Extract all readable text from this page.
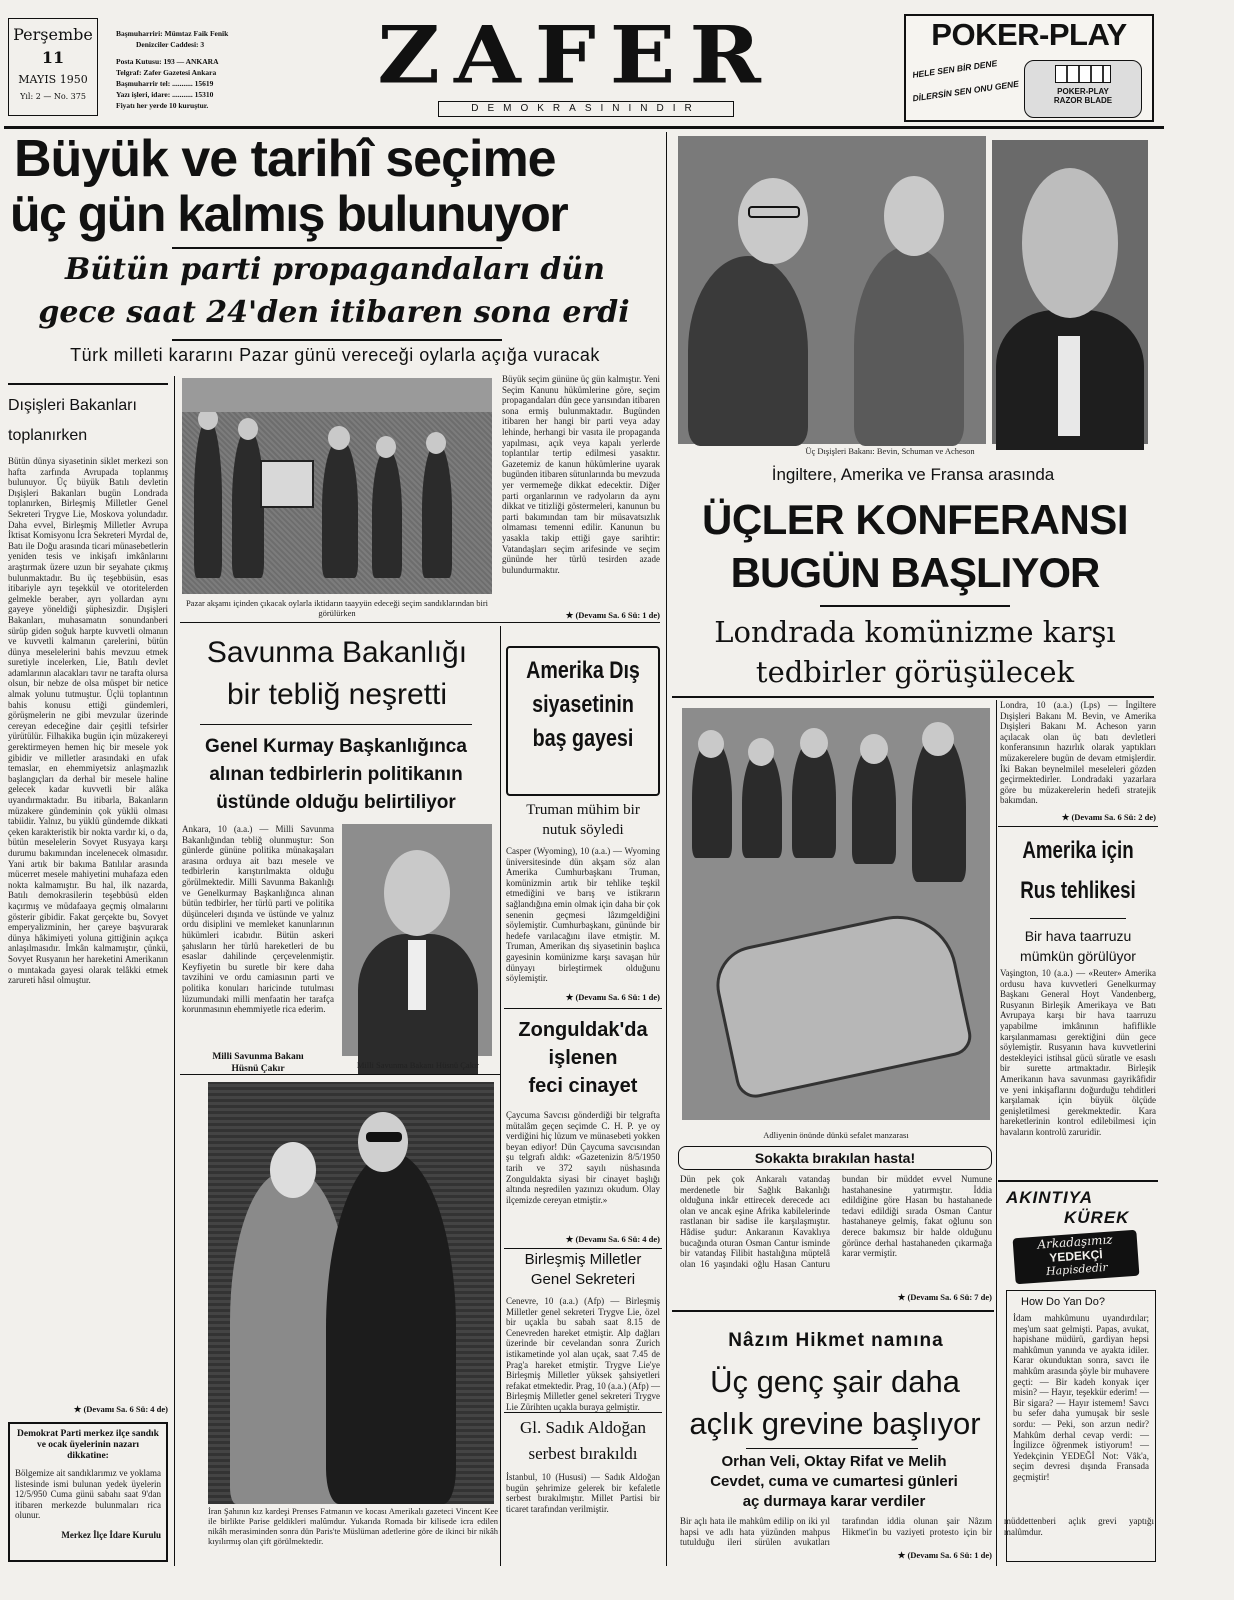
Perşembe
11
MAYIS 1950
Yıl: 2 — No. 375
Başmuharriri: Mümtaz Faik Fenik
Denizciler Caddesi: 3
Posta Kutusu: 193 — ANKARA
Telgraf: Zafer Gazetesi Ankara
Başmuharrir tel: ........... 15619
Yazı işleri, idare: ........... 15310
Fiyatı her yerde 10 kuruştur.
ZAFER
DEMOKRASININDIR
POKER-PLAY
HELE SEN BİR DENE
DİLERSİN SEN ONU GENE	POKER-PLAY RAZOR BLADE
Büyük ve tarihî seçime
üç gün kalmış bulunuyor
Bütün parti propagandaları dün
gece saat 24'den itibaren sona erdi
Türk milleti kararını Pazar günü vereceği oylarla açığa vuracak
Dışişleri Bakanları
toplanırken
Bütün dünya siyasetinin siklet merkezi son hafta zarfında Avrupada toplanmış bulunuyor. Üç büyük Batılı devletin Dışişleri Bakanları bugün Londrada toplanırken, Birleşmiş Milletler Genel Sekreteri Trygve Lie, Moskova yolundadır. Daha evvel, Birleşmiş Milletler Avrupa İktisat Komisyonu İcra Sekreteri Myrdal de, Batı ile Doğu arasında ticari münasebetlerin yeniden tesis ve inkişafı imkânlarını araştırmak üzere uzun bir seyahate çıkmış bulunmaktadır. Bu üç teşebbüsün, esas itibariyle ayrı teşekkül ve otoritelerden gelmekle beraber, ayrı yollardan aynı gayeye yöneldiği şüphesizdir. Dışişleri Bakanları, muhasamatın sonundanberi sürüp giden soğuk harpte kuvvetli olmanın ve kuvvetli kalmanın çarelerini, bütün dünya meselelerini bahis mevzuu etmek suretiyle incelerken, Lie, Batılı devlet adamlarının alacakları tavır ne tarafta olursa olsun, bir nebze de olsa müspet bir netice almak yolunu tutmuştur. Üçlü toplantının bahis konusu ettiği gündemleri, görüşmelerin ne gibi mevzular üzerinde cereyan edeceğine dair çeşitli tefsirler yürütülür. Filhakika bugün için müzakereyi gerektirmeyen hemen hiç bir mesele yok gibidir ve milletler arasındaki en ufak temaslar, en ehemmiyetsiz anlaşmazlık başlangıçları da derhal bir mesele haline gelecek kadar kuvvetli bir alâka uyandırmaktadır. Bu itibarla, Bakanların müzakere gündeminin çok yüklü olması tabiidir. Yalnız, bu yüklü gündemde dikkati çeken karakteristik bir nokta vardır ki, o da, bütün meselelerin Sovyet Rusyaya karşı durumu bakımından incelenecek olmasıdır. Yani artık bir bakıma Batılılar arasında mücerret mesele mahiyetini muhafaza eden nokta kalmamıştır. Bu hal, ilk nazarda, Batılı demokrasilerin teşebbüsü elden kaçırmış ve müdafaaya geçmiş olmalarını gösterir gibidir. Fakat gerçekte bu, Sovyet emperyalizminin, her çareye başvurarak dünya hâkimiyeti yoluna gittiğinin açıkça anlaşılmasıdır. İmkân kalmamıştır, çünkü, Sovyet Rusyanın her hareketini Amerikanın o mıntakada gayesi olarak telâkki etmek zarureti hâsıl olmuştur.
★ (Devamı Sa. 6 Sü: 4 de)
Demokrat Parti merkez ilçe sandık ve ocak üyelerinin nazarı dikkatine:
Bölgemize ait sandıklarımız ve yoklama listesinde ismi bulunan yedek üyelerin 12/5/950 Cuma günü sabahı saat 9'dan itibaren merkezde bulunmaları rica olunur.
Merkez İlçe İdare Kurulu
Pazar akşamı içinden çıkacak oylarla iktidarın taayyün edeceği seçim sandıklarından biri görülürken
Büyük seçim gününe üç gün kalmıştır. Yeni Seçim Kanunu hükümlerine göre, seçim propagandaları dün gece yarısından itibaren sona ermiş bulunmaktadır. Bugünden itibaren her hangi bir parti veya aday lehinde, herhangi bir vasıta ile propaganda yapılması, açık veya kapalı yerlerde toplantılar tertip edilmesi yasaktır. Gazetemiz de kanun hükümlerine uyarak bugünden itibaren sütunlarında bu mevzuda yer vermemeğe dikkat edecektir. Diğer parti organlarının ve radyoların da aynı dikkat ve titizliği göstermeleri, kanunun bu parti bakımından tam bir müsavatsızlık olmaması temenni edilir. Kanunun bu yasakla takip ettiği gaye sarihtir: Vatandaşları seçim arifesinde ve seçim gününde her türlü tesirden azade bulundurmaktır.
★ (Devamı Sa. 6 Sü: 1 de)
Savunma Bakanlığı
bir tebliğ neşretti
Genel Kurmay Başkanlığınca
alınan tedbirlerin politikanın
üstünde olduğu belirtiliyor
Ankara, 10 (a.a.) — Milli Savunma Bakanlığından tebliğ olunmuştur: Son günlerde gününe politika münakaşaları arasına orduya ait bazı mesele ve tedbirlerin karıştırılmakta olduğu görülmektedir. Milli Savunma Bakanlığı ve Genelkurmay Başkanlığınca alınan bütün tedbirler, her türlü parti ve politika düşünceleri dışında ve üstünde ve yalnız ordu disiplini ve memleket kanunlarının hükümleri icabıdır. Bütün askeri şahısların her türlü hareketleri de bu esaslar dahilinde çerçevelenmiştir. Keyfiyetin bu suretle bir kere daha tavzihini ve ordu camiasının parti ve politika konuları haricinde tutulması lüzumundaki milli menfaatin her tarafça korunmasının ehemmiyetle rica ederim.
Milli Savunma Bakanı
Hüsnü Çakır	Milli Savunma Bakanı Hüsnü Çakır
İran Şahının kız kardeşi Prenses Fatmanın ve kocası Amerikalı gazeteci Vincent Kee ile birlikte Parise geldikleri malûmdur. Yukarıda Romada bir kilisede icra edilen nikâh merasiminden sonra dün Paris'te Müslüman adetlerine göre de ikinci bir nikâh kıyılırmış olan çift görülmektedir.
Amerika Dış
siyasetinin
baş gayesi
Truman mühim bir nutuk söyledi
Casper (Wyoming), 10 (a.a.) — Wyoming üniversitesinde dün akşam söz alan Amerika Cumhurbaşkanı Truman, komünizmin artık bir tehlike teşkil etmediğini ve barış ve istikrarın sağlandığına emin olmak için daha bir çok senenin geçmesi lâzımgeldiğini söylemiştir. Cumhurbaşkanı, gününde bir hedefe varılacağını ilave etmiştir. M. Truman, Amerikan dış siyasetinin başlıca gayesinin komünizme karşı savaşan hür dünyayı birleştirmek olduğunu söylemiştir.
★ (Devamı Sa. 6 Sü: 1 de)
Zonguldak'da
işlenen
feci cinayet
Çaycuma Savcısı gönderdiği bir telgrafta mütalâm geçen seçimde C. H. P. ye oy verdiğini hiç lüzum ve münasebeti yokken beyan ediyor! Dün Çaycuma savcısından şu telgrafı aldık: «Gazetenizin 8/5/1950 tarih ve 372 sayılı nüshasında Zonguldakta siyasi bir cinayet başlığı altında neşredilen yazınızı okudum. Olay ilçemizde cereyan etmiştir.»
★ (Devamı Sa. 6 Sü: 4 de)
Birleşmiş Milletler
Genel Sekreteri
Cenevre, 10 (a.a.) (Afp) — Birleşmiş Milletler genel sekreteri Trygve Lie, özel bir uçakla bu sabah saat 8.15 de Cenevreden hareket etmiştir. Alp dağları üzerinde bir cevelandan sonra Zurich istikametinde yol alan uçak, saat 7.45 de Prag'a hareket etmiştir. Trygve Lie'ye Birleşmiş Milletler yüksek şahsiyetleri refakat etmektedir. Prag, 10 (a.a.) (Afp) — Birleşmiş Milletler genel sekreteri Trygve Lie Zürihten uçakla buraya gelmiştir.
Gl. Sadık Aldoğan
serbest bırakıldı
İstanbul, 10 (Hususi) — Sadık Aldoğan bugün şehrimize gelerek bir kefaletle serbest bırakılmıştır. Millet Partisi bir ticaret tarafından verilmiştir.
Üç Dışişleri Bakanı: Bevin, Schuman ve Acheson
İngiltere, Amerika ve Fransa arasında
ÜÇLER KONFERANSI
BUGÜN BAŞLIYOR
Londrada komünizme karşı
tedbirler görüşülecek
Adliyenin önünde dünkü sefalet manzarası
Londra, 10 (a.a.) (Lps) — İngiltere Dışişleri Bakanı M. Bevin, ve Amerika Dışişleri Bakanı M. Acheson yarın açılacak olan üç batı devletleri konferansının hazırlık olarak yaptıkları müzakerelere bugün de devam etmişlerdir. İki Bakan beynelmilel meseleleri gözden geçirmektedirler. Londradaki yazarlara göre bu müzakerelerin hedefi stratejik bakımdan.
★ (Devamı Sa. 6 Sü: 2 de)
Amerika için
Rus tehlikesi
Bir hava taarruzu mümkün görülüyor
Vaşington, 10 (a.a.) — «Reuter» Amerika ordusu hava kuvvetleri Genelkurmay Başkanı General Hoyt Vandenberg, Rusyanın Birleşik Amerikaya ve Batı Avrupaya karşı bir hava taarruzu yapabilme imkânının hafiflikle karşılanmaması gerektiğini dün gece söylemiştir. Rusyanın hava kuvvetlerini destekleyici istihsal gücü süratle ve esaslı bir surette artmaktadır. Birleşik Amerikanın hava savunması gayrikâfidir ve yeni inkişaflarını doğurduğu tehditleri karşılamak için büyük ölçüde genişletilmesi gerekmektedir. Kara hareketlerinin kontrol edilebilmesi için havaların kontrolü zaruridir.
Sokakta bırakılan hasta!
Dün pek çok Ankaralı vatandaş merdenetle bir Sağlık Bakanlığı olduğuna inkâr ettirecek derecede acı olan ve ancak eşine Afrika kabilelerinde rastlanan bir sadise ile karşılaşmıştır. Hâdise şudur: Ankaranın Kavaklıya bucağında oturan Osman Cantur isminde bir vatandaş Filibit hastalığına müptelâ olan 16 yaşındaki oğlu Hasan Canturu bundan bir müddet evvel Numune hastahanesine yatırmıştır. İddia edildiğine göre Hasan bu hastahanede tedavi edildiği sırada Osman Cantur hastahaneye gelmiş, fakat oğlunu son derece bakımsız bir halde olduğunu görünce derhal hastahaneden çıkarmağa karar vermiştir.
★ (Devamı Sa. 6 Sü: 7 de)
AKINTIYA
KÜREK
Arkadaşımız
YEDEKÇİ
Hapisdedir
How Do Yan Do?
İdam mahkûmunu uyandırdılar; meş'um saat gelmişti. Papas, avukat, hapishane müdürü, gardiyan hepsi mahkûmun yanında ve ayakta idiler. Karar okunduktan sonra, savcı ile mahkûm arasında şöyle bir muhavere geçti: — Bir kadeh konyak içer misin? — Hayır, teşekkür ederim! — Bir sigara? — Hayır istemem! Savcı bu sefer daha yumuşak bir sesle sordu: — Peki, son arzun nedir? Mahkûm derhal cevap verdi: — İngilizce öğrenmek istiyorum! — Yedekçinin YEDEĞİ Not: Vâk'a, seçim devresi dışında Fransada geçmiştir!
Nâzım Hikmet namına
Üç genç şair daha
açlık grevine başlıyor
Orhan Veli, Oktay Rifat ve Melih
Cevdet, cuma ve cumartesi günleri
aç durmaya karar verdiler
Bir açlı hata ile mahkûm edilip on iki yıl hapsi ve adlı hata yüzünden mahpus tutulduğu ileri sürülen avukatları tarafından iddia olunan şair Nâzım Hikmet'in bu vaziyeti protesto için bir müddettenberi açlık grevi yaptığı malûmdur.
★ (Devamı Sa. 6 Sü: 1 de)
